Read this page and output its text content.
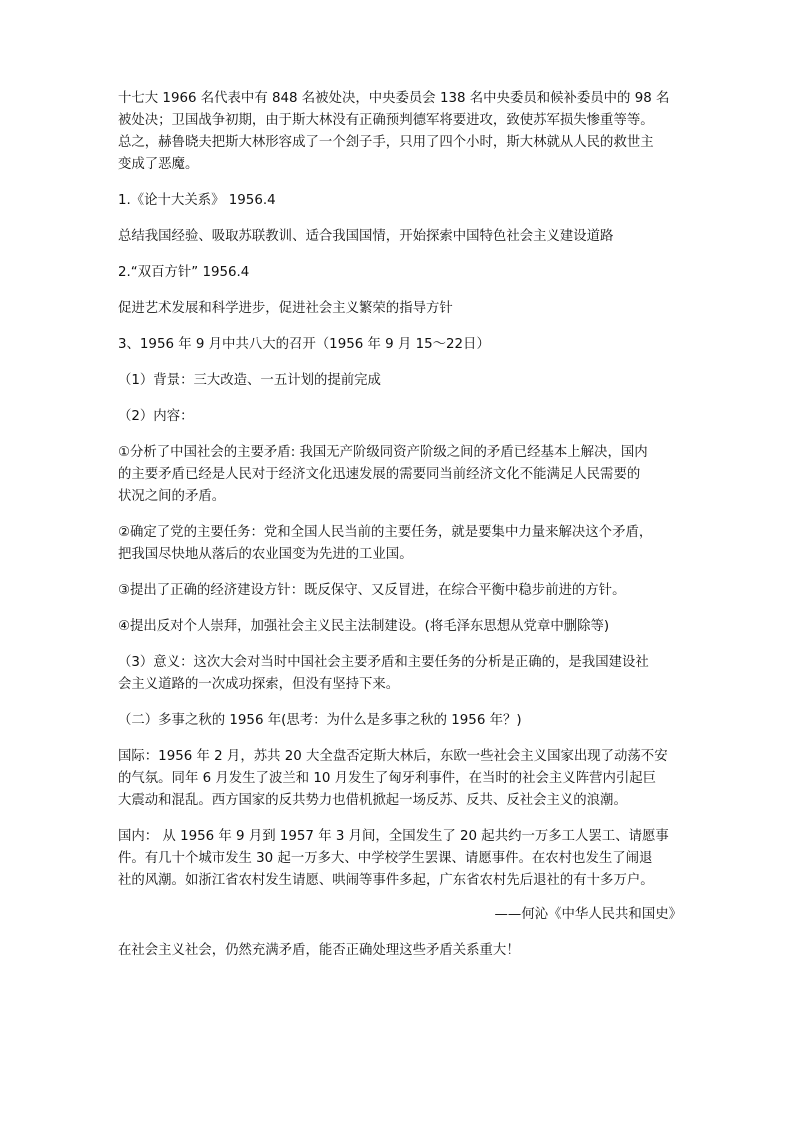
十七大 1966 名代表中有 848 名被处决，中央委员会 138 名中央委员和候补委员中的 98 名
被处决；卫国战争初期，由于斯大林没有正确预判德军将要进攻，致使苏军损失惨重等等。
总之，赫鲁晓夫把斯大林形容成了一个刽子手，只用了四个小时，斯大林就从人民的救世主
变成了恶魔。
1.《论十大关系》 1956.4
总结我国经验、吸取苏联教训、适合我国国情，开始探索中国特色社会主义建设道路
2.“双百方针” 1956.4
促进艺术发展和科学进步，促进社会主义繁荣的指导方针
3、1956 年 9 月中共八大的召开（1956 年 9 月 15～22日）
（1）背景：三大改造、一五计划的提前完成
（2）内容：
①分析了中国社会的主要矛盾: 我国无产阶级同资产阶级之间的矛盾已经基本上解决，国内
的主要矛盾已经是人民对于经济文化迅速发展的需要同当前经济文化不能满足人民需要的
状况之间的矛盾。
②确定了党的主要任务：党和全国人民当前的主要任务，就是要集中力量来解决这个矛盾，
把我国尽快地从落后的农业国变为先进的工业国。
③提出了正确的经济建设方针：既反保守、又反冒进，在综合平衡中稳步前进的方针。
④提出反对个人崇拜，加强社会主义民主法制建设。(将毛泽东思想从党章中删除等)
（3）意义：这次大会对当时中国社会主要矛盾和主要任务的分析是正确的，是我国建设社
会主义道路的一次成功探索，但没有坚持下来。
（二）多事之秋的 1956 年(思考：为什么是多事之秋的 1956 年？)
国际：1956 年 2 月，苏共 20 大全盘否定斯大林后，东欧一些社会主义国家出现了动荡不安
的气氛。同年 6 月发生了波兰和 10 月发生了匈牙利事件，在当时的社会主义阵营内引起巨
大震动和混乱。西方国家的反共势力也借机掀起一场反苏、反共、反社会主义的浪潮。
国内： 从 1956 年 9 月到 1957 年 3 月间，全国发生了 20 起共约一万多工人罢工、请愿事
件。有几十个城市发生 30 起一万多大、中学校学生罢课、请愿事件。在农村也发生了闹退
社的风潮。如浙江省农村发生请愿、哄闹等事件多起，广东省农村先后退社的有十多万户。
——何沁《中华人民共和国史》
在社会主义社会，仍然充满矛盾，能否正确处理这些矛盾关系重大！
